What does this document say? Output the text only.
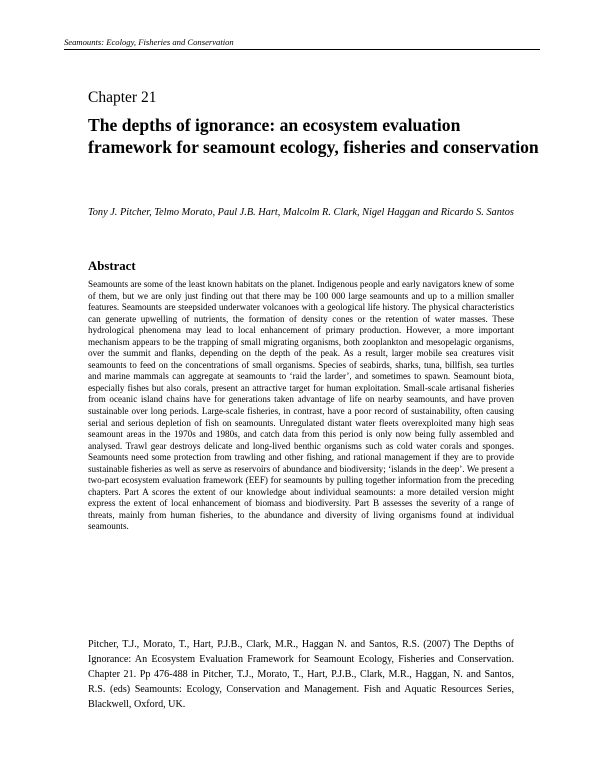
Seamounts: Ecology, Fisheries and Conservation
Chapter 21
The depths of ignorance: an ecosystem evaluation framework for seamount ecology, fisheries and conservation
Tony J. Pitcher, Telmo Morato, Paul J.B. Hart, Malcolm R. Clark, Nigel Haggan and Ricardo S. Santos
Abstract

Seamounts are some of the least known habitats on the planet. Indigenous people and early navigators knew of some of them, but we are only just finding out that there may be 100 000 large seamounts and up to a million smaller features. Seamounts are steepsided underwater volcanoes with a geological life history. The physical characteristics can generate upwelling of nutrients, the formation of density cones or the retention of water masses. These hydrological phenomena may lead to local enhancement of primary production. However, a more important mechanism appears to be the trapping of small migrating organisms, both zooplankton and mesopelagic organisms, over the summit and flanks, depending on the depth of the peak. As a result, larger mobile sea creatures visit seamounts to feed on the concentrations of small organisms. Species of seabirds, sharks, tuna, billfish, sea turtles and marine mammals can aggregate at seamounts to ‘raid the larder’, and sometimes to spawn. Seamount biota, especially fishes but also corals, present an attractive target for human exploitation. Small-scale artisanal fisheries from oceanic island chains have for generations taken advantage of life on nearby seamounts, and have proven sustainable over long periods. Large-scale fisheries, in contrast, have a poor record of sustainability, often causing serial and serious depletion of fish on seamounts. Unregulated distant water fleets overexploited many high seas seamount areas in the 1970s and 1980s, and catch data from this period is only now being fully assembled and analysed. Trawl gear destroys delicate and long-lived benthic organisms such as cold water corals and sponges. Seamounts need some protection from trawling and other fishing, and rational management if they are to provide sustainable fisheries as well as serve as reservoirs of abundance and biodiversity; ‘islands in the deep’. We present a two-part ecosystem evaluation framework (EEF) for seamounts by pulling together information from the preceding chapters. Part A scores the extent of our knowledge about individual seamounts: a more detailed version might express the extent of local enhancement of biomass and biodiversity. Part B assesses the severity of a range of threats, mainly from human fisheries, to the abundance and diversity of living organisms found at individual seamounts.

Pitcher, T.J., Morato, T., Hart, P.J.B., Clark, M.R., Haggan N. and Santos, R.S. (2007) The Depths of Ignorance: An Ecosystem Evaluation Framework for Seamount Ecology, Fisheries and Conservation. Chapter 21. Pp 476-488 in Pitcher, T.J., Morato, T., Hart, P.J.B., Clark, M.R., Haggan, N. and Santos, R.S. (eds) Seamounts: Ecology, Conservation and Management. Fish and Aquatic Resources Series, Blackwell, Oxford, UK.
